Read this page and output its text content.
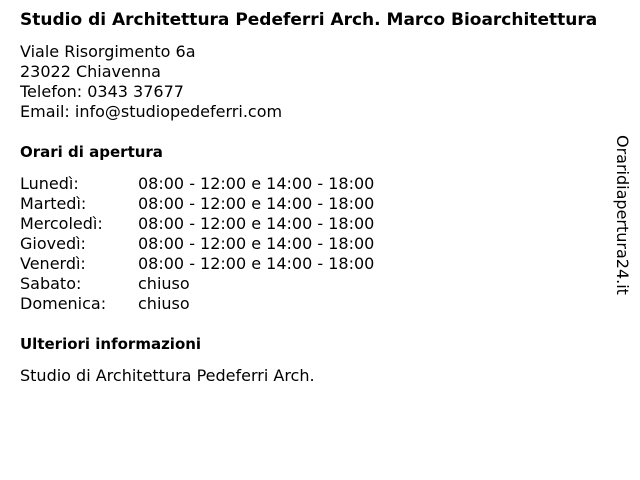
Studio di Architettura Pedeferri Arch. Marco Bioarchitettura
Viale Risorgimento 6a
23022 Chiavenna
Telefon: 0343 37677
Email: info@studiopedeferri.com
Orari di apertura
Lunedì:	08:00 - 12:00 e 14:00 - 18:00
Martedì:	08:00 - 12:00 e 14:00 - 18:00
Mercoledì:	08:00 - 12:00 e 14:00 - 18:00
Giovedì:	08:00 - 12:00 e 14:00 - 18:00
Venerdì:	08:00 - 12:00 e 14:00 - 18:00
Sabato:	chiuso
Domenica:	chiuso
Ulteriori informazioni
Studio di Architettura Pedeferri Arch.
Oraridiapertura24.it
